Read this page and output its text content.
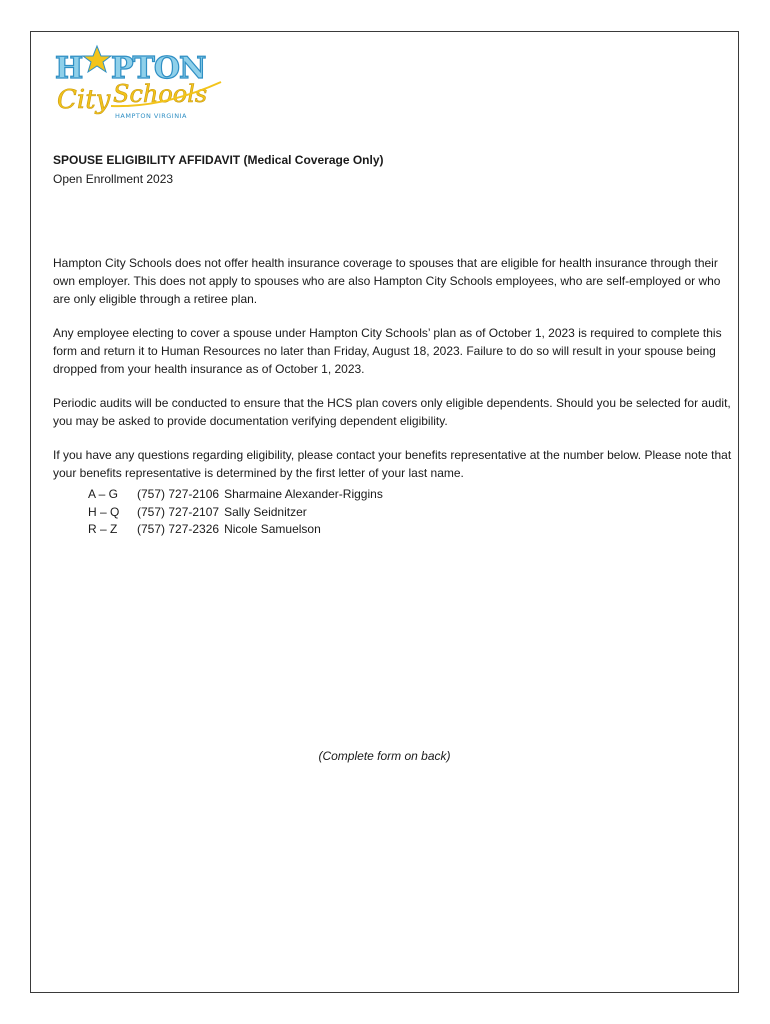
H PTON
City Schools
HAMPTON VIRGINIA
SPOUSE ELIGIBILITY AFFIDAVIT (Medical Coverage Only)
Open Enrollment 2023

Hampton City Schools does not offer health insurance coverage to spouses that are eligible for health insurance through their own employer. This does not apply to spouses who are also Hampton City Schools employees, who are self-employed or who are only eligible through a retiree plan.

Any employee electing to cover a spouse under Hampton City Schools’ plan as of October 1, 2023 is required to complete this form and return it to Human Resources no later than Friday, August 18, 2023. Failure to do so will result in your spouse being dropped from your health insurance as of October 1, 2023.

Periodic audits will be conducted to ensure that the HCS plan covers only eligible dependents. Should you be selected for audit, you may be asked to provide documentation verifying dependent eligibility.

If you have any questions regarding eligibility, please contact your benefits representative at the number below. Please note that your benefits representative is determined by the first letter of your last name.

A – G	(757) 727-2106 Sharmaine Alexander-Riggins
H – Q	(757) 727-2107 Sally Seidnitzer
R – Z	(757) 727-2326 Nicole Samuelson
(Complete form on back)
